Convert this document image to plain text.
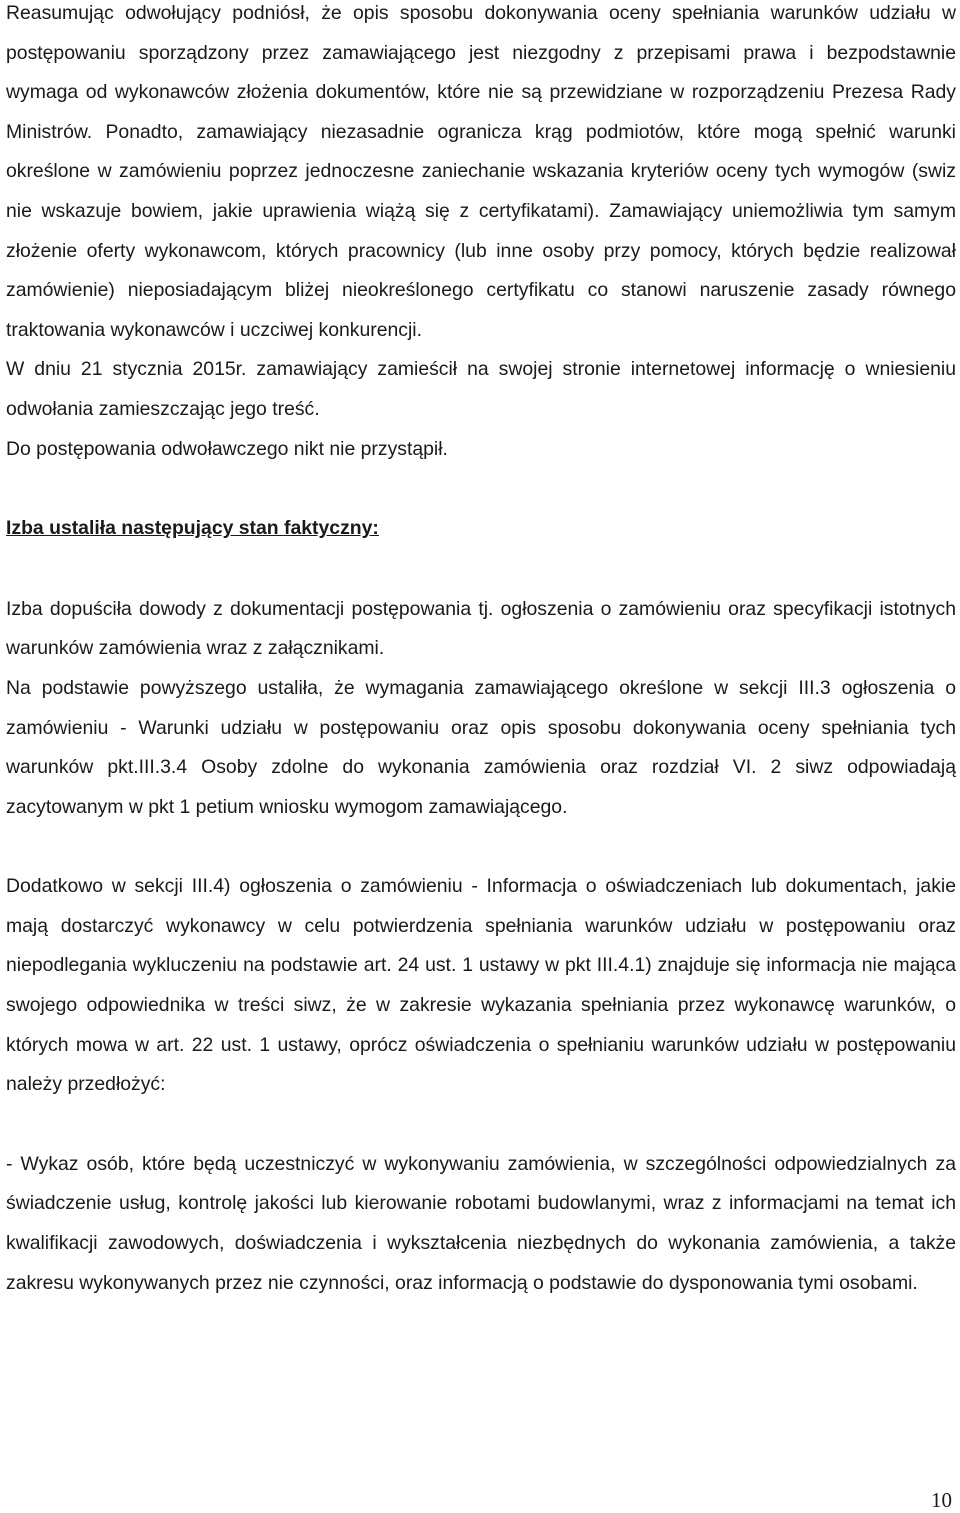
Reasumując odwołujący podniósł, że opis sposobu dokonywania oceny spełniania warunków udziału w postępowaniu sporządzony przez zamawiającego jest niezgodny z przepisami prawa i bezpodstawnie wymaga od wykonawców złożenia dokumentów, które nie są przewidziane w rozporządzeniu Prezesa Rady Ministrów. Ponadto, zamawiający niezasadnie ogranicza krąg podmiotów, które mogą spełnić warunki określone w zamówieniu poprzez jednoczesne zaniechanie wskazania kryteriów oceny tych wymogów (swiz nie wskazuje bowiem, jakie uprawienia wiążą się z certyfikatami). Zamawiający uniemożliwia tym samym złożenie oferty wykonawcom, których pracownicy (lub inne osoby przy pomocy, których będzie realizował zamówienie) nieposiadającym bliżej nieokreślonego certyfikatu co stanowi naruszenie zasady równego traktowania wykonawców i uczciwej konkurencji.

W dniu 21 stycznia 2015r. zamawiający zamieścił na swojej stronie internetowej informację o wniesieniu odwołania zamieszczając jego treść.

Do postępowania odwoławczego nikt nie przystąpił.

Izba ustaliła następujący stan faktyczny:

Izba dopuściła dowody z dokumentacji postępowania tj. ogłoszenia o zamówieniu oraz specyfikacji istotnych warunków zamówienia wraz z załącznikami.

Na podstawie powyższego ustaliła, że wymagania zamawiającego określone w sekcji III.3 ogłoszenia o zamówieniu - Warunki udziału w postępowaniu oraz opis sposobu dokonywania oceny spełniania tych warunków pkt.III.3.4 Osoby zdolne do wykonania zamówienia oraz rozdział VI. 2 siwz odpowiadają zacytowanym w pkt 1 petium wniosku wymogom zamawiającego.

Dodatkowo w sekcji III.4) ogłoszenia o zamówieniu - Informacja o oświadczeniach lub dokumentach, jakie mają dostarczyć wykonawcy w celu potwierdzenia spełniania warunków udziału w postępowaniu oraz niepodlegania wykluczeniu na podstawie art. 24 ust. 1 ustawy w pkt III.4.1) znajduje się informacja nie mająca swojego odpowiednika w treści siwz, że w zakresie wykazania spełniania przez wykonawcę warunków, o których mowa w art. 22 ust. 1 ustawy, oprócz oświadczenia o spełnianiu warunków udziału w postępowaniu należy przedłożyć:

- Wykaz osób, które będą uczestniczyć w wykonywaniu zamówienia, w szczególności odpowiedzialnych za świadczenie usług, kontrolę jakości lub kierowanie robotami budowlanymi, wraz z informacjami na temat ich kwalifikacji zawodowych, doświadczenia i wykształcenia niezbędnych do wykonania zamówienia, a także zakresu wykonywanych przez nie czynności, oraz informacją o podstawie do dysponowania tymi osobami.

10
